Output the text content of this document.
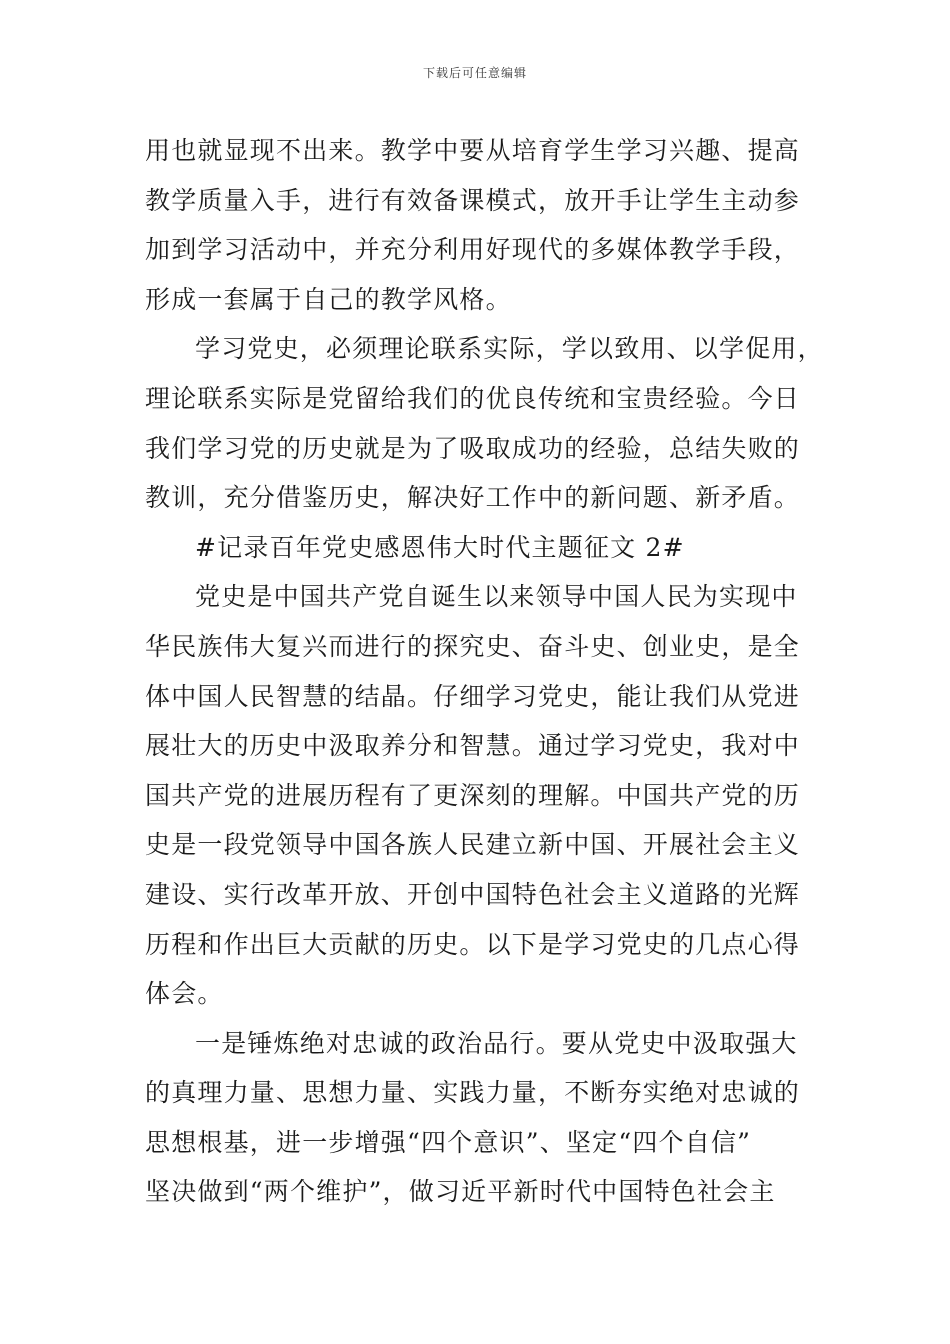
下载后可任意编辑
用也就显现不出来。教学中要从培育学生学习兴趣、提高
教学质量入手，进行有效备课模式，放开手让学生主动参
加到学习活动中，并充分利用好现代的多媒体教学手段，
形成一套属于自己的教学风格。
学习党史，必须理论联系实际，学以致用、以学促用，
理论联系实际是党留给我们的优良传统和宝贵经验。今日
我们学习党的历史就是为了吸取成功的经验，总结失败的
教训，充分借鉴历史，解决好工作中的新问题、新矛盾。
#记录百年党史感恩伟大时代主题征文 2#
党史是中国共产党自诞生以来领导中国人民为实现中
华民族伟大复兴而进行的探究史、奋斗史、创业史，是全
体中国人民智慧的结晶。仔细学习党史，能让我们从党进
展壮大的历史中汲取养分和智慧。通过学习党史，我对中
国共产党的进展历程有了更深刻的理解。中国共产党的历
史是一段党领导中国各族人民建立新中国、开展社会主义
建设、实行改革开放、开创中国特色社会主义道路的光辉
历程和作出巨大贡献的历史。以下是学习党史的几点心得
体会。
一是锤炼绝对忠诚的政治品行。要从党史中汲取强大
的真理力量、思想力量、实践力量，不断夯实绝对忠诚的
思想根基，进一步增强“四个意识”、坚定“四个自信”
坚决做到“两个维护”，做习近平新时代中国特色社会主
